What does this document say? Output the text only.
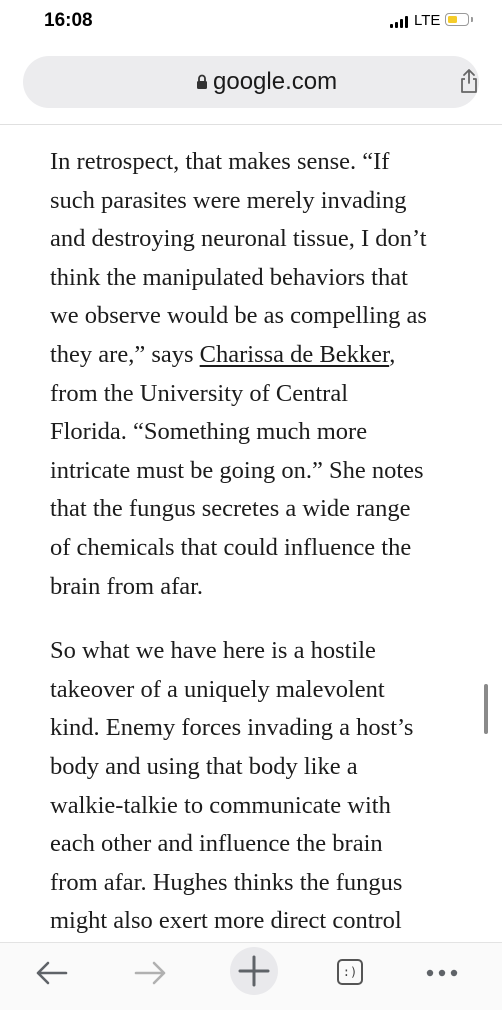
16:08	LTE
google.com

In retrospect, that makes sense. “If
such parasites were merely invading
and destroying neuronal tissue, I don’t
think the manipulated behaviors that
we observe would be as compelling as
they are,” says Charissa de Bekker,
from the University of Central
Florida. “Something much more
intricate must be going on.” She notes
that the fungus secretes a wide range
of chemicals that could influence the
brain from afar.

So what we have here is a hostile
takeover of a uniquely malevolent
kind. Enemy forces invading a host’s
body and using that body like a
walkie-talkie to communicate with
each other and influence the brain
from afar. Hughes thinks the fungus
might also exert more direct control

:)
